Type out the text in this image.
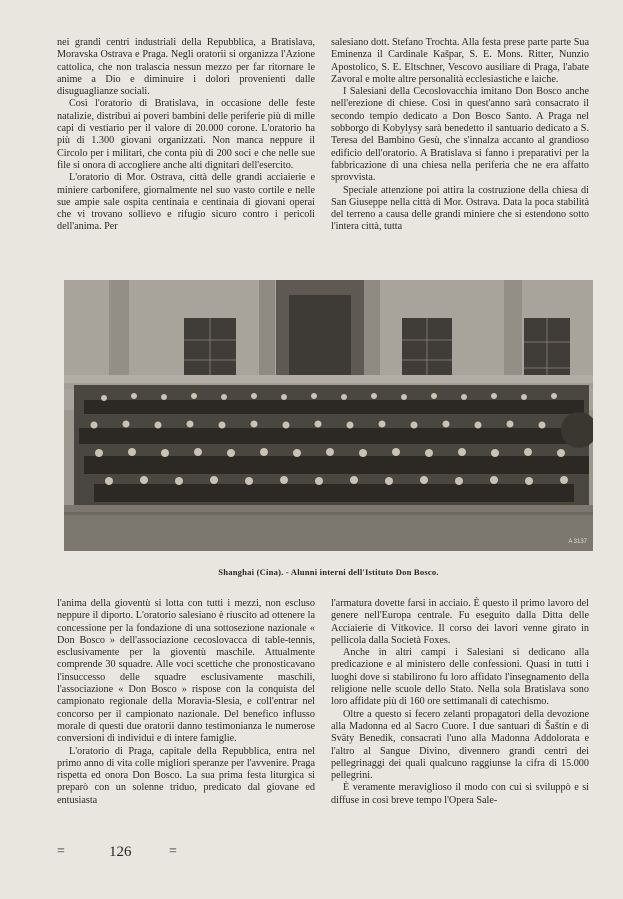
nei grandi centri industriali della Repubblica, a Bratislava, Moravska Ostrava e Praga. Negli oratorii si organizza l'Azione cattolica, che non tralascia nessun mezzo per far ritornare le anime a Dio e diminuire i dolori provenienti dalle disuguaglianze sociali.

Così l'oratorio di Bratislava, in occasione delle feste natalizie, distribuì ai poveri bambini delle periferie più di mille capi di vestiario per il valore di 20.000 corone. L'oratorio ha più di 1.300 giovani organizzati. Non manca neppure il Circolo per i militari, che conta più di 200 soci e che nelle sue file si onora di accogliere anche alti dignitari dell'esercito.

L'oratorio di Mor. Ostrava, città delle grandi acciaierie e miniere carbonifere, giornalmente nel suo vasto cortile e nelle sue ampie sale ospita centinaia e centinaia di giovani operai che vi trovano sollievo e rifugio sicuro contro i pericoli dell'anima. Per

salesiano dott. Stefano Trochta. Alla festa prese parte parte Sua Eminenza il Cardinale Kašpar, S. E. Mons. Ritter, Nunzio Apostolico, S. E. Eltschner, Vescovo ausiliare di Praga, l'abate Zavoral e molte altre personalità ecclesiastiche e laiche.

I Salesiani della Cecoslovacchia imitano Don Bosco anche nell'erezione di chiese. Così in quest'anno sarà consacrato il secondo tempio dedicato a Don Bosco Santo. A Praga nel sobborgo di Kobylysy sarà benedetto il santuario dedicato a S. Teresa del Bambino Gesù, che s'innalza accanto al grandioso edificio dell'oratorio. A Bratislava si fanno i preparativi per la fabbricazione di una chiesa nella periferia che ne era affatto sprovvista.

Speciale attenzione poi attira la costruzione della chiesa di San Giuseppe nella città di Mor. Ostrava. Data la poca stabilità del terreno a causa delle grandi miniere che si estendono sotto l'intera città, tutta

A 3137
Shanghai (Cina). - Alunni interni dell'Istituto Don Bosco.

l'anima della gioventù si lotta con tutti i mezzi, non escluso neppure il diporto. L'oratorio salesiano è riuscito ad ottenere la concessione per la fondazione di una sottosezione nazionale « Don Bosco » dell'associazione cecoslovacca di table-tennis, esclusivamente per la gioventù maschile. Attualmente comprende 30 squadre. Alle voci scettiche che pronosticavano l'insuccesso delle squadre esclusivamente maschili, l'associazione « Don Bosco » rispose con la conquista del campionato regionale della Moravia-Slesia, e coll'entrar nel concorso per il campionato nazionale. Del benefico influsso morale di questi due oratorii danno testimonianza le numerose conversioni di individui e di intere famiglie.

L'oratorio di Praga, capitale della Repubblica, entra nel primo anno di vita colle migliori speranze per l'avvenire. Praga rispetta ed onora Don Bosco. La sua prima festa liturgica si preparò con un solenne triduo, predicato dal giovane ed entusiasta

l'armatura dovette farsi in acciaio. È questo il primo lavoro del genere nell'Europa centrale. Fu eseguito dalla Ditta delle Acciaierie di Vítkovice. Il corso dei lavori venne girato in pellicola dalla Società Foxes.

Anche in altri campi i Salesiani si dedicano alla predicazione e al ministero delle confessioni. Quasi in tutti i luoghi dove si stabilirono fu loro affidato l'insegnamento della religione nelle scuole dello Stato. Nella sola Bratislava sono loro affidate più di 160 ore settimanali di catechismo.

Oltre a questo si fecero zelanti propagatori della devozione alla Madonna ed al Sacro Cuore. I due santuari di Šaštín e di Sväty Benedik, consacrati l'uno alla Madonna Addolorata e l'altro al Sangue Divino, divennero grandi centri dei pellegrinaggi dei quali qualcuno raggiunse la cifra di 15.000 pellegrini.

È veramente meraviglioso il modo con cui si sviluppò e si diffuse in così breve tempo l'Opera Sale-

=	126	=
